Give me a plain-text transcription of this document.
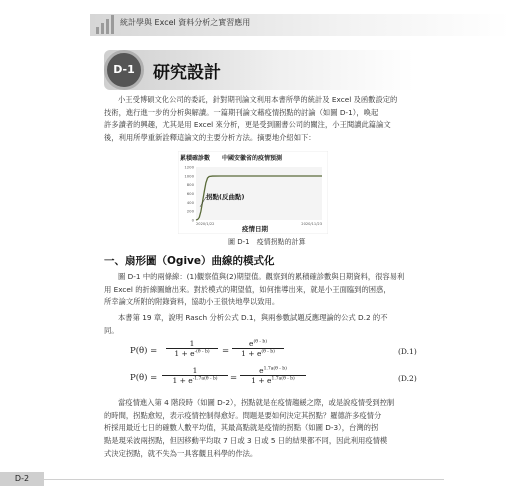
統計學與 Excel 資料分析之實習應用
D-1	研究設計
小王受博碩文化公司的委託，針對期刊論文利用本書所學的統計及 Excel 及函數設定的
技術，進行進一步的分析與解讀。一篇期刊論文藉疫情拐點的討論（如圖 D-1），喚起
許多讀者的興趣，尤其是用 Excel 來分析，更是受到圖書公司的關注，小王閱讀此篇論文
後，利用所學重新詮釋這論文的主要分析方法。摘要地介紹如下：
累積確診數 中國安徽省的疫情預測
疫情日期
拐點(反曲點)
1200
1000
800
600
400
200
0
2020/1/22	2020/11/23
圖 D-1　疫情拐點的計算
一、扇形圖（Ogive）曲線的模式化
圖 D-1 中的兩條線：(1)觀察值與(2)期望值。觀察到的累積確診數與日期資料，很容易利
用 Excel 的折線圖繪出來。對於模式的期望值，如何推導出來，就是小王面臨到的困惑，
所幸論文所附的附錄資料，協助小王很快地學以致用。
本書第 19 章，說明 Rasch 分析公式 D.1，與兩參數試題反應理論的公式 D.2 的不
同。
$P(\theta) = \frac{1}{1 + e^{-(\theta - b)}} = \frac{e^{(\theta - b)}}{1 + e^{(\theta - b)}}$	(D.1)
$P(\theta) = \frac{1}{1 + e^{-1.7a(\theta - b)}} = \frac{e^{1.7a(\theta - b)}}{1 + e^{1.7a(\theta - b)}}$	(D.2)
當疫情進入第 4 階段時（如圖 D-2），拐點就是在疫情趨緩之際，或是說疫情受到控制
的時間，拐點愈短，表示疫情控制得愈好。問題是要如何決定其拐點？羅德許多疫情分
析採用最近七日的確數人數平均值，其最高點就是疫情的拐點（如圖 D-3），台灣的拐
點是現采波兩拐點，但因移動平均取 7 日或 3 日或 5 日的結果都不同，因此利用疫情模
式決定拐點，就不失為一具客觀且科學的作法。
D-2
